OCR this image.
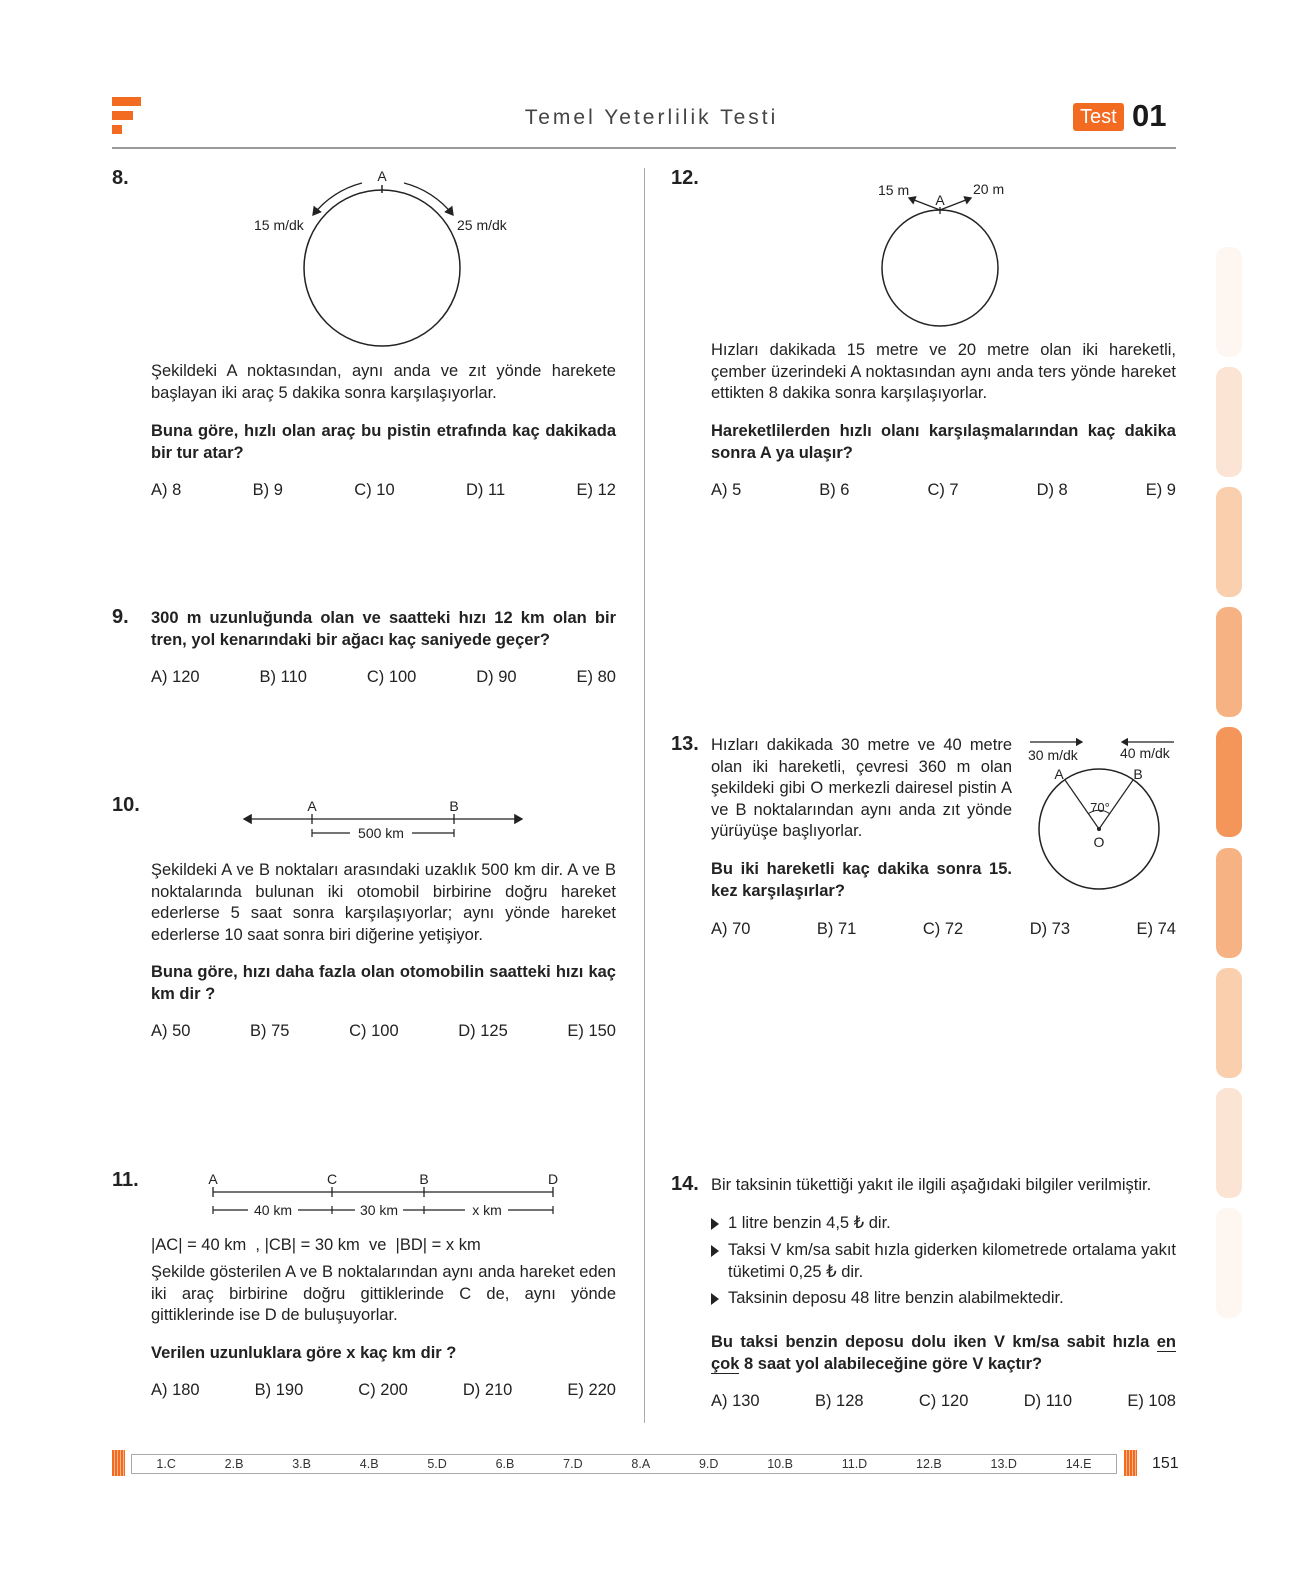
Temel Yeterlilik Testi	Test 01
8.	A
15 m/dk	25 m/dk
Şekildeki A noktasından, aynı anda ve zıt yönde harekete başlayan iki araç 5 dakika sonra karşılaşıyorlar.
Buna göre, hızlı olan araç bu pistin etrafında kaç dakikada bir tur atar?
A) 8	B) 9	C) 10	D) 11	E) 12
9. 300 m uzunluğunda olan ve saatteki hızı 12 km olan bir tren, yol kenarındaki bir ağacı kaç saniyede geçer?
A) 120	B) 110	C) 100	D) 90	E) 80
10.	A	B
500 km
Şekildeki A ve B noktaları arasındaki uzaklık 500 km dir. A ve B noktalarında bulunan iki otomobil birbirine doğru hareket ederlerse 5 saat sonra karşılaşıyorlar; aynı yönde hareket ederlerse 10 saat sonra biri diğerine yetişiyor.
Buna göre, hızı daha fazla olan otomobilin saatteki hızı kaç km dir ?
A) 50	B) 75	C) 100	D) 125	E) 150
11.	A	C	B	D
40 km	30 km	x km
|AC| = 40 km  , |CB| = 30 km  ve  |BD| = x km
Şekilde gösterilen A ve B noktalarından aynı anda hareket eden iki araç birbirine doğru gittiklerinde C de, aynı yönde gittiklerinde ise D de buluşuyorlar.
Verilen uzunluklara göre x kaç km dir ?
A) 180	B) 190	C) 200	D) 210	E) 220
12.
A
15 m	20 m
Hızları dakikada 15 metre ve 20 metre olan iki hareketli, çember üzerindeki A noktasından aynı anda ters yönde hareket ettikten 8 dakika sonra karşılaşıyorlar.
Hareketlilerden hızlı olanı karşılaşmalarından kaç dakika sonra A ya ulaşır?
A) 5	B) 6	C) 7	D) 8	E) 9
13. Hızları dakikada 30 metre ve 40 metre olan iki hareketli, çevresi 360 m olan şekildeki gibi O merkezli dairesel pistin A ve B noktalarından aynı anda zıt yönde yürüyüşe başlıyorlar.
Bu iki hareketli kaç dakika sonra 15. kez karşılaşırlar?
30 m/dk	40 m/dk
A	B
70°
O
A) 70	B) 71	C) 72	D) 73	E) 74
14. Bir taksinin tükettiği yakıt ile ilgili aşağıdaki bilgiler verilmiştir.
1 litre benzin 4,5 ₺ dir.
Taksi V km/sa sabit hızla giderken kilometrede ortalama yakıt tüketimi 0,25 ₺ dir.
Taksinin deposu 48 litre benzin alabilmektedir.
Bu taksi benzin deposu dolu iken V km/sa sabit hızla en çok 8 saat yol alabileceğine göre V kaçtır?
A) 130	B) 128	C) 120	D) 110	E) 108
1.C	2.B	3.B	4.B	5.D	6.B	7.D	8.A	9.D	10.B	11.D	12.B	13.D	14.E	151
